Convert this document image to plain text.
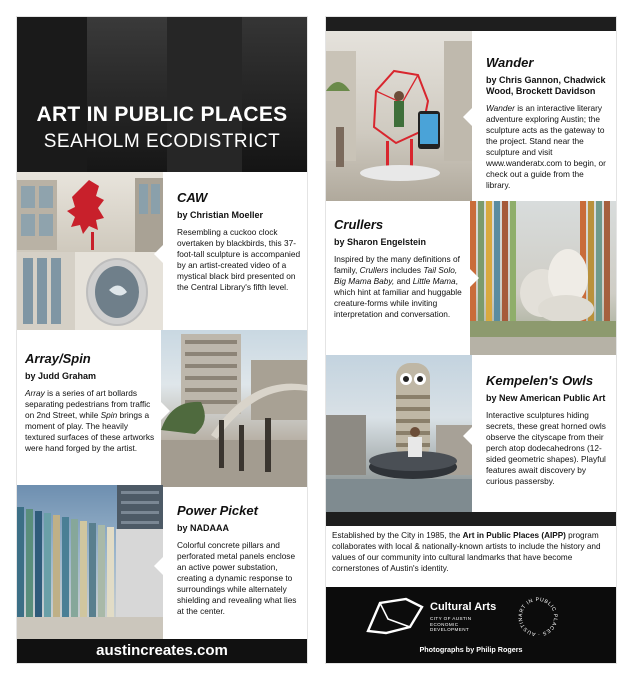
ART IN PUBLIC PLACES
SEAHOLM ECODISTRICT
CAW
by Christian Moeller

Resembling a cuckoo clock overtaken by blackbirds, this 37-foot-tall sculpture is accompanied by an artist-created video of a mystical black bird presented on the Central Library's fifth level.

Array/Spin
by Judd Graham

Array is a series of art bollards separating pedestrians from traffic on 2nd Street, while Spin brings a moment of play. The heavily textured surfaces of these artworks were hand forged by the artist.

Power Picket
by NADAAA

Colorful concrete pillars and perforated metal panels enclose an active power substation, creating a dynamic response to surroundings while alternately shielding and revealing what lies at the center.

austincreates.com
Wander
by Chris Gannon, Chadwick Wood, Brockett Davidson

Wander is an interactive literary adventure exploring Austin; the sculpture acts as the gateway to the project. Stand near the sculpture and visit www.wanderatx.com to begin, or check out a guide from the library.

Crullers
by Sharon Engelstein

Inspired by the many definitions of family, Crullers includes Tail Solo, Big Mama Baby, and Little Mama, which hint at familiar and huggable creature-forms while inviting interpretation and conversation.

Kempelen's Owls
by New American Public Art

Interactive sculptures hiding secrets, these great horned owls observe the cityscape from their perch atop dodecahedrons (12-sided geometric shapes). Playful features await discovery by curious passersby.

Established by the City in 1985, the Art in Public Places (AIPP) program collaborates with local & nationally-known artists to include the history and values of our community into cultural landmarks that have become cornerstones of Austin's identity.
Cultural Arts
CITY OF AUSTIN
ECONOMIC
DEVELOPMENT
ART IN PUBLIC PLACES · AUSTIN
Photographs by Philip Rogers
